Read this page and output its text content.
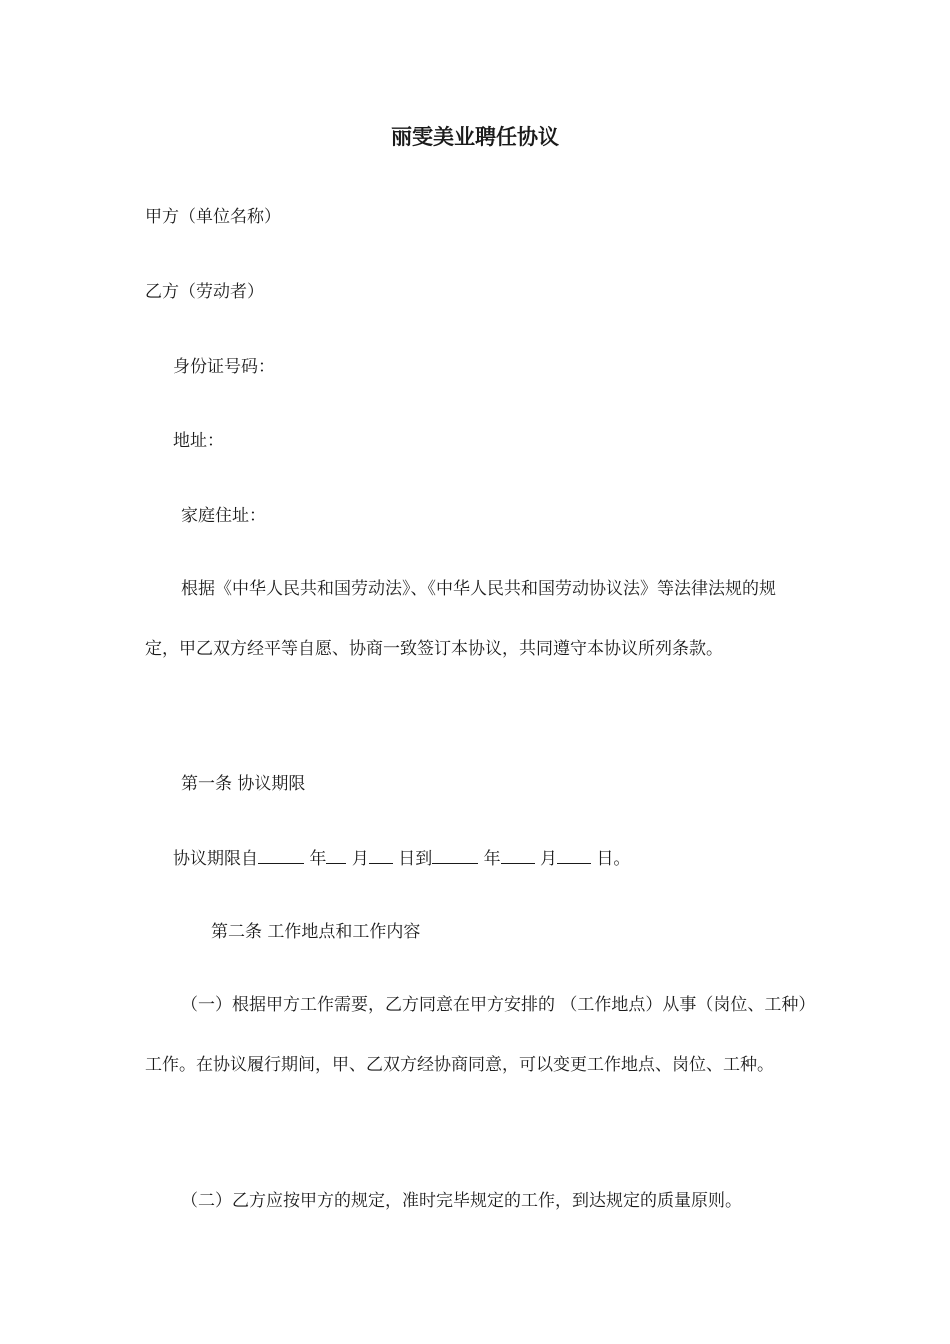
丽雯美业聘任协议
甲方（单位名称）
乙方（劳动者）
身份证号码：
地址：
家庭住址：
根据《中华人民共和国劳动法》、《中华人民共和国劳动协议法》等法律法规的规定，甲乙双方经平等自愿、协商一致签订本协议，共同遵守本协议所列条款。
第一条 协议期限
协议期限自	年 月 日到	年 月 日。
第二条 工作地点和工作内容
（一）根据甲方工作需要，乙方同意在甲方安排的 （工作地点）从事（岗位、工种）工作。在协议履行期间，甲、乙双方经协商同意，可以变更工作地点、岗位、工种。
（二）乙方应按甲方的规定，准时完毕规定的工作，到达规定的质量原则。
